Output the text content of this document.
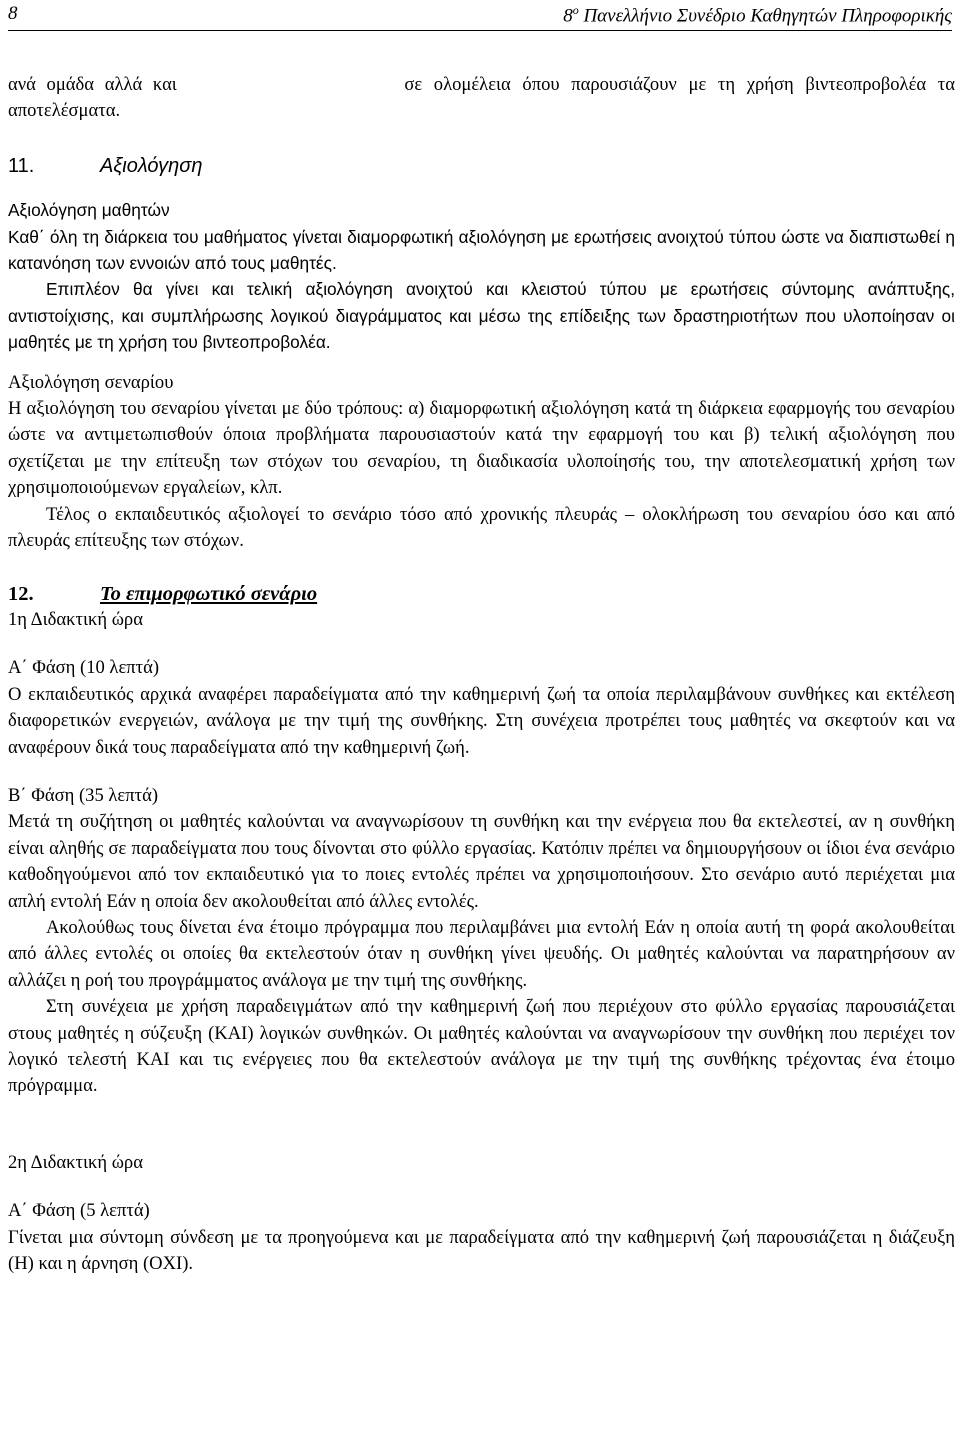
8	$8^o$ Πανελλήνιο Συνέδριο Καθηγητών Πληροφορικής
ανά ομάδα αλλά και	σε ολομέλεια όπου παρουσιάζουν με τη χρήση βιντεοπροβολέα τα

αποτελέσματα.

11.	Αξιολόγηση

Αξιολόγηση μαθητών

Καθ΄ όλη τη διάρκεια του μαθήματος γίνεται διαμορφωτική αξιολόγηση με ερωτήσεις ανοιχτού τύπου ώστε να διαπιστωθεί η κατανόηση των εννοιών από τους μαθητές.

Επιπλέον θα γίνει και τελική αξιολόγηση ανοιχτού και κλειστού τύπου με ερωτήσεις σύντομης ανάπτυξης, αντιστοίχισης, και συμπλήρωσης λογικού διαγράμματος και μέσω της επίδειξης των δραστηριοτήτων που υλοποίησαν οι μαθητές με τη χρήση του βιντεοπροβολέα.

Αξιολόγηση σεναρίου

Η αξιολόγηση του σεναρίου γίνεται με δύο τρόπους: α) διαμορφωτική αξιολόγηση κατά τη διάρκεια εφαρμογής του σεναρίου ώστε να αντιμετωπισθούν όποια προβλήματα παρουσιαστούν κατά την εφαρμογή του και β) τελική αξιολόγηση που σχετίζεται με την επίτευξη των στόχων του σεναρίου, τη διαδικασία υλοποίησής του, την αποτελεσματική χρήση των χρησιμοποιούμενων εργαλείων, κλπ.

Τέλος ο εκπαιδευτικός αξιολογεί το σενάριο τόσο από χρονικής πλευράς – ολοκλήρωση του σεναρίου όσο και από πλευράς επίτευξης των στόχων.

12.	Το επιμορφωτικό σενάριο

1η Διδακτική ώρα

Α΄ Φάση (10 λεπτά)

Ο εκπαιδευτικός αρχικά αναφέρει παραδείγματα από την καθημερινή ζωή τα οποία περιλαμβάνουν συνθήκες και εκτέλεση διαφορετικών ενεργειών, ανάλογα με την τιμή της συνθήκης. Στη συνέχεια προτρέπει τους μαθητές να σκεφτούν και να αναφέρουν δικά τους παραδείγματα από την καθημερινή ζωή.

Β΄ Φάση (35 λεπτά)

Μετά τη συζήτηση οι μαθητές καλούνται να αναγνωρίσουν τη συνθήκη και την ενέργεια που θα εκτελεστεί, αν η συνθήκη είναι αληθής σε παραδείγματα που τους δίνονται στο φύλλο εργασίας. Κατόπιν πρέπει να δημιουργήσουν οι ίδιοι ένα σενάριο καθοδηγούμενοι από τον εκπαιδευτικό για το ποιες εντολές πρέπει να χρησιμοποιήσουν. Στο σενάριο αυτό περιέχεται μια απλή εντολή Εάν η οποία δεν ακολουθείται από άλλες εντολές.

Ακολούθως τους δίνεται ένα έτοιμο πρόγραμμα που περιλαμβάνει μια εντολή Εάν η οποία αυτή τη φορά ακολουθείται από άλλες εντολές οι οποίες θα εκτελεστούν όταν η συνθήκη γίνει ψευδής. Οι μαθητές καλούνται να παρατηρήσουν αν αλλάζει η ροή του προγράμματος ανάλογα με την τιμή της συνθήκης.

Στη συνέχεια με χρήση παραδειγμάτων από την καθημερινή ζωή που περιέχουν στο φύλλο εργασίας παρουσιάζεται στους μαθητές η σύζευξη (ΚΑΙ) λογικών συνθηκών. Οι μαθητές καλούνται να αναγνωρίσουν την συνθήκη που περιέχει τον λογικό τελεστή ΚΑΙ και τις ενέργειες που θα εκτελεστούν ανάλογα με την τιμή της συνθήκης τρέχοντας ένα έτοιμο πρόγραμμα.

2η Διδακτική ώρα

Α΄ Φάση (5 λεπτά)

Γίνεται μια σύντομη σύνδεση με τα προηγούμενα και με παραδείγματα από την καθημερινή ζωή παρουσιάζεται η διάζευξη (Η) και η άρνηση (ΟΧΙ).
